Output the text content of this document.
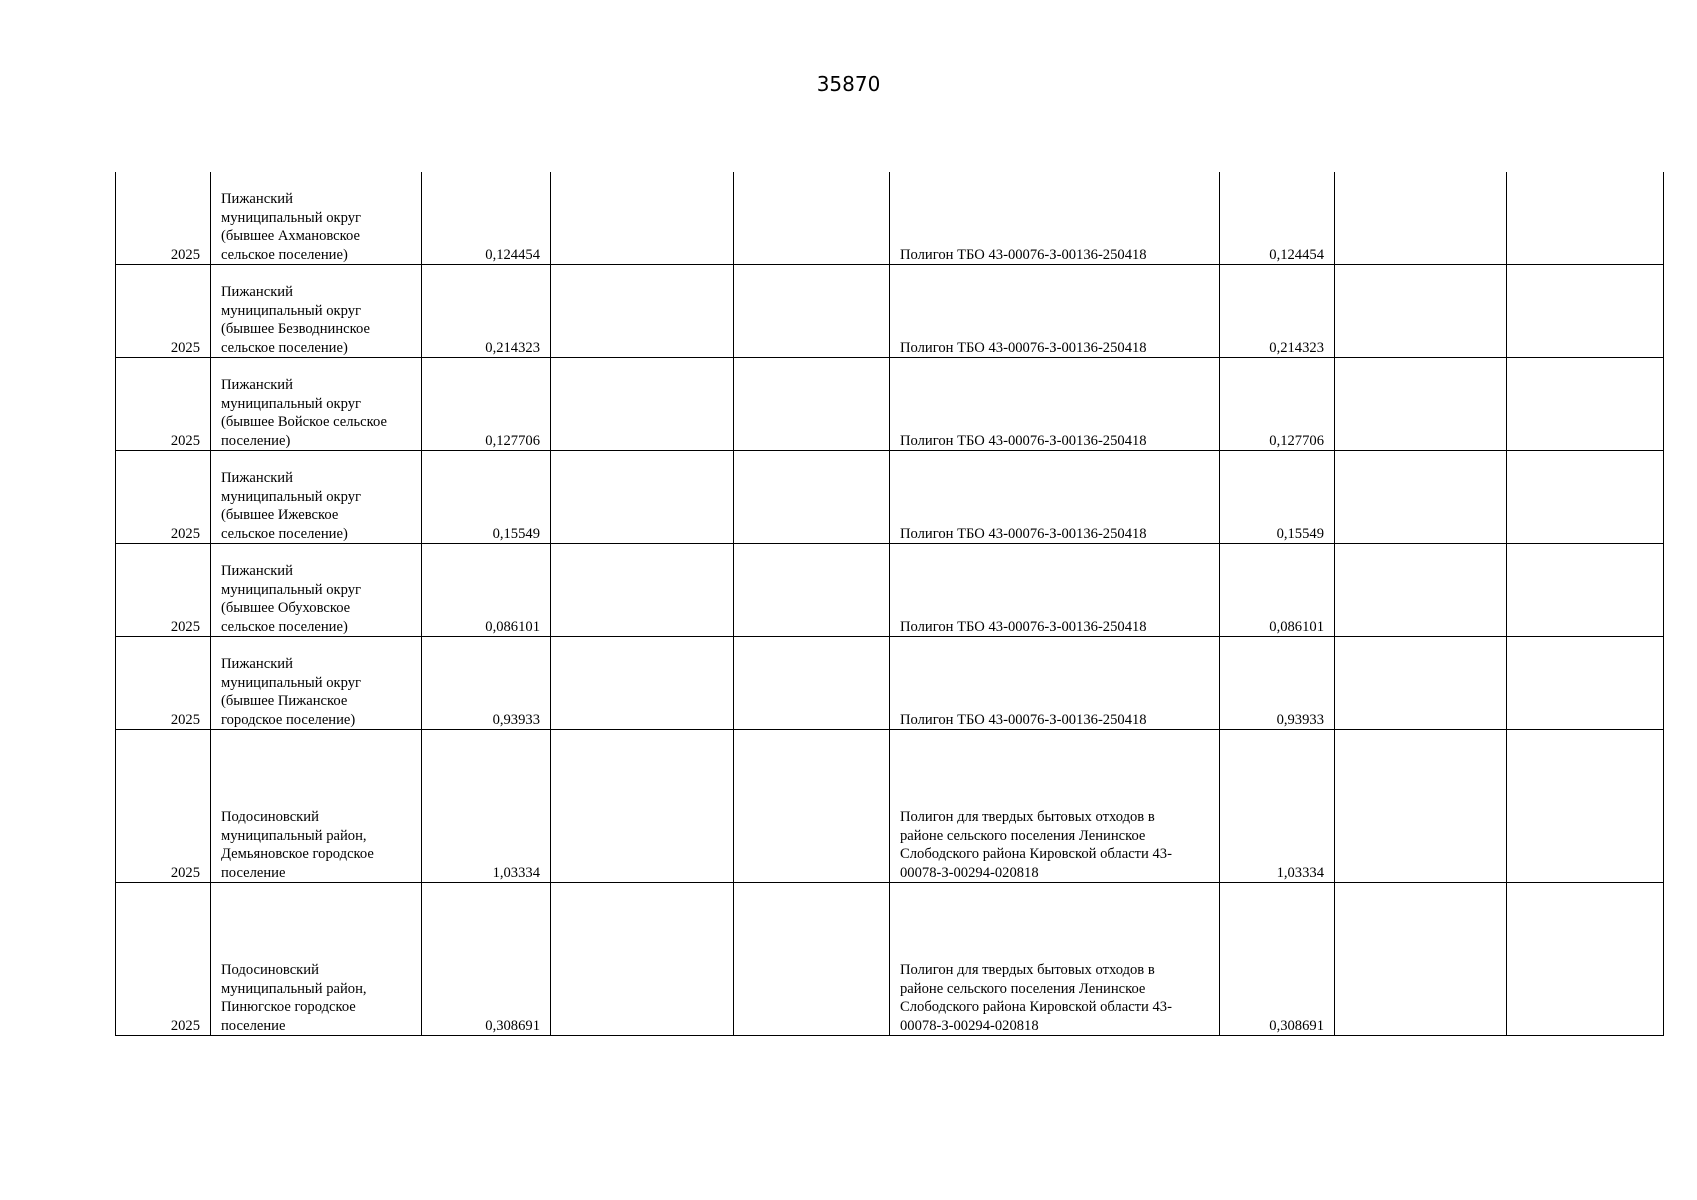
35870
2025	Пижанский
муниципальный округ
(бывшее Ахмановское
сельское поселение)	0,124454			Полигон ТБО 43-00076-З-00136-250418	0,124454		

2025	Пижанский
муниципальный округ
(бывшее Безводнинское
сельское поселение)	0,214323			Полигон ТБО 43-00076-З-00136-250418	0,214323		

2025	Пижанский
муниципальный округ
(бывшее Войское сельское
поселение)	0,127706			Полигон ТБО 43-00076-З-00136-250418	0,127706		

2025	Пижанский
муниципальный округ
(бывшее Ижевское
сельское поселение)	0,15549			Полигон ТБО 43-00076-З-00136-250418	0,15549		

2025	Пижанский
муниципальный округ
(бывшее Обуховское
сельское поселение)	0,086101			Полигон ТБО 43-00076-З-00136-250418	0,086101		

2025	Пижанский
муниципальный округ
(бывшее Пижанское
городское поселение)	0,93933			Полигон ТБО 43-00076-З-00136-250418	0,93933		

2025	Подосиновский
муниципальный район,
Демьяновское городское
поселение	1,03334			Полигон для твердых бытовых отходов в
районе сельского поселения Ленинское
Слободского района Кировской области 43-
00078-З-00294-020818	1,03334		

2025	Подосиновский
муниципальный район,
Пинюгское городское
поселение	0,308691			Полигон для твердых бытовых отходов в
районе сельского поселения Ленинское
Слободского района Кировской области 43-
00078-З-00294-020818	0,308691		
